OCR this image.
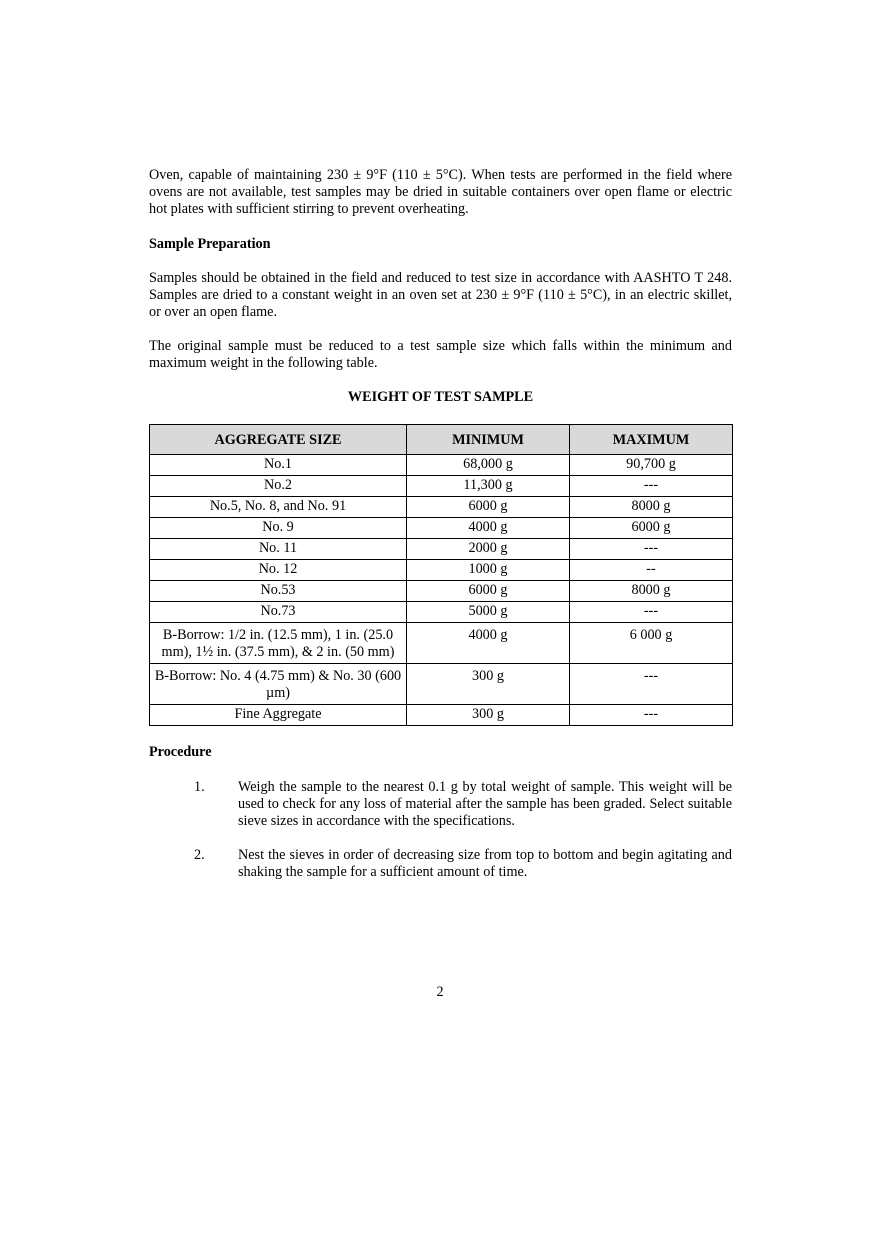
Oven, capable of maintaining 230 ± 9°F (110 ± 5°C). When tests are performed in the field where ovens are not available, test samples may be dried in suitable containers over open flame or electric hot plates with sufficient stirring to prevent overheating.

Sample Preparation

Samples should be obtained in the field and reduced to test size in accordance with AASHTO T 248. Samples are dried to a constant weight in an oven set at 230 ± 9°F (110 ± 5°C), in an electric skillet, or over an open flame.

The original sample must be reduced to a test sample size which falls within the minimum and maximum weight in the following table.

WEIGHT OF TEST SAMPLE

AGGREGATE SIZE	MINIMUM	MAXIMUM
No.1	68,000 g	90,700 g
No.2	11,300 g	---
No.5, No. 8, and No. 91	6000 g	8000 g
No. 9	4000 g	6000 g
No. 11	2000 g	---
No. 12	1000 g	--
No.53	6000 g	8000 g
No.73	5000 g	---
B-Borrow: 1/2 in. (12.5 mm), 1 in. (25.0 mm), 1½ in. (37.5 mm), & 2 in. (50 mm)	4000 g	6 000 g
B-Borrow: No. 4 (4.75 mm) & No. 30 (600 µm)	300 g	---
Fine Aggregate	300 g	---

Procedure

1. Weigh the sample to the nearest 0.1 g by total weight of sample. This weight will be used to check for any loss of material after the sample has been graded. Select suitable sieve sizes in accordance with the specifications.
2. Nest the sieves in order of decreasing size from top to bottom and begin agitating and shaking the sample for a sufficient amount of time.
2
